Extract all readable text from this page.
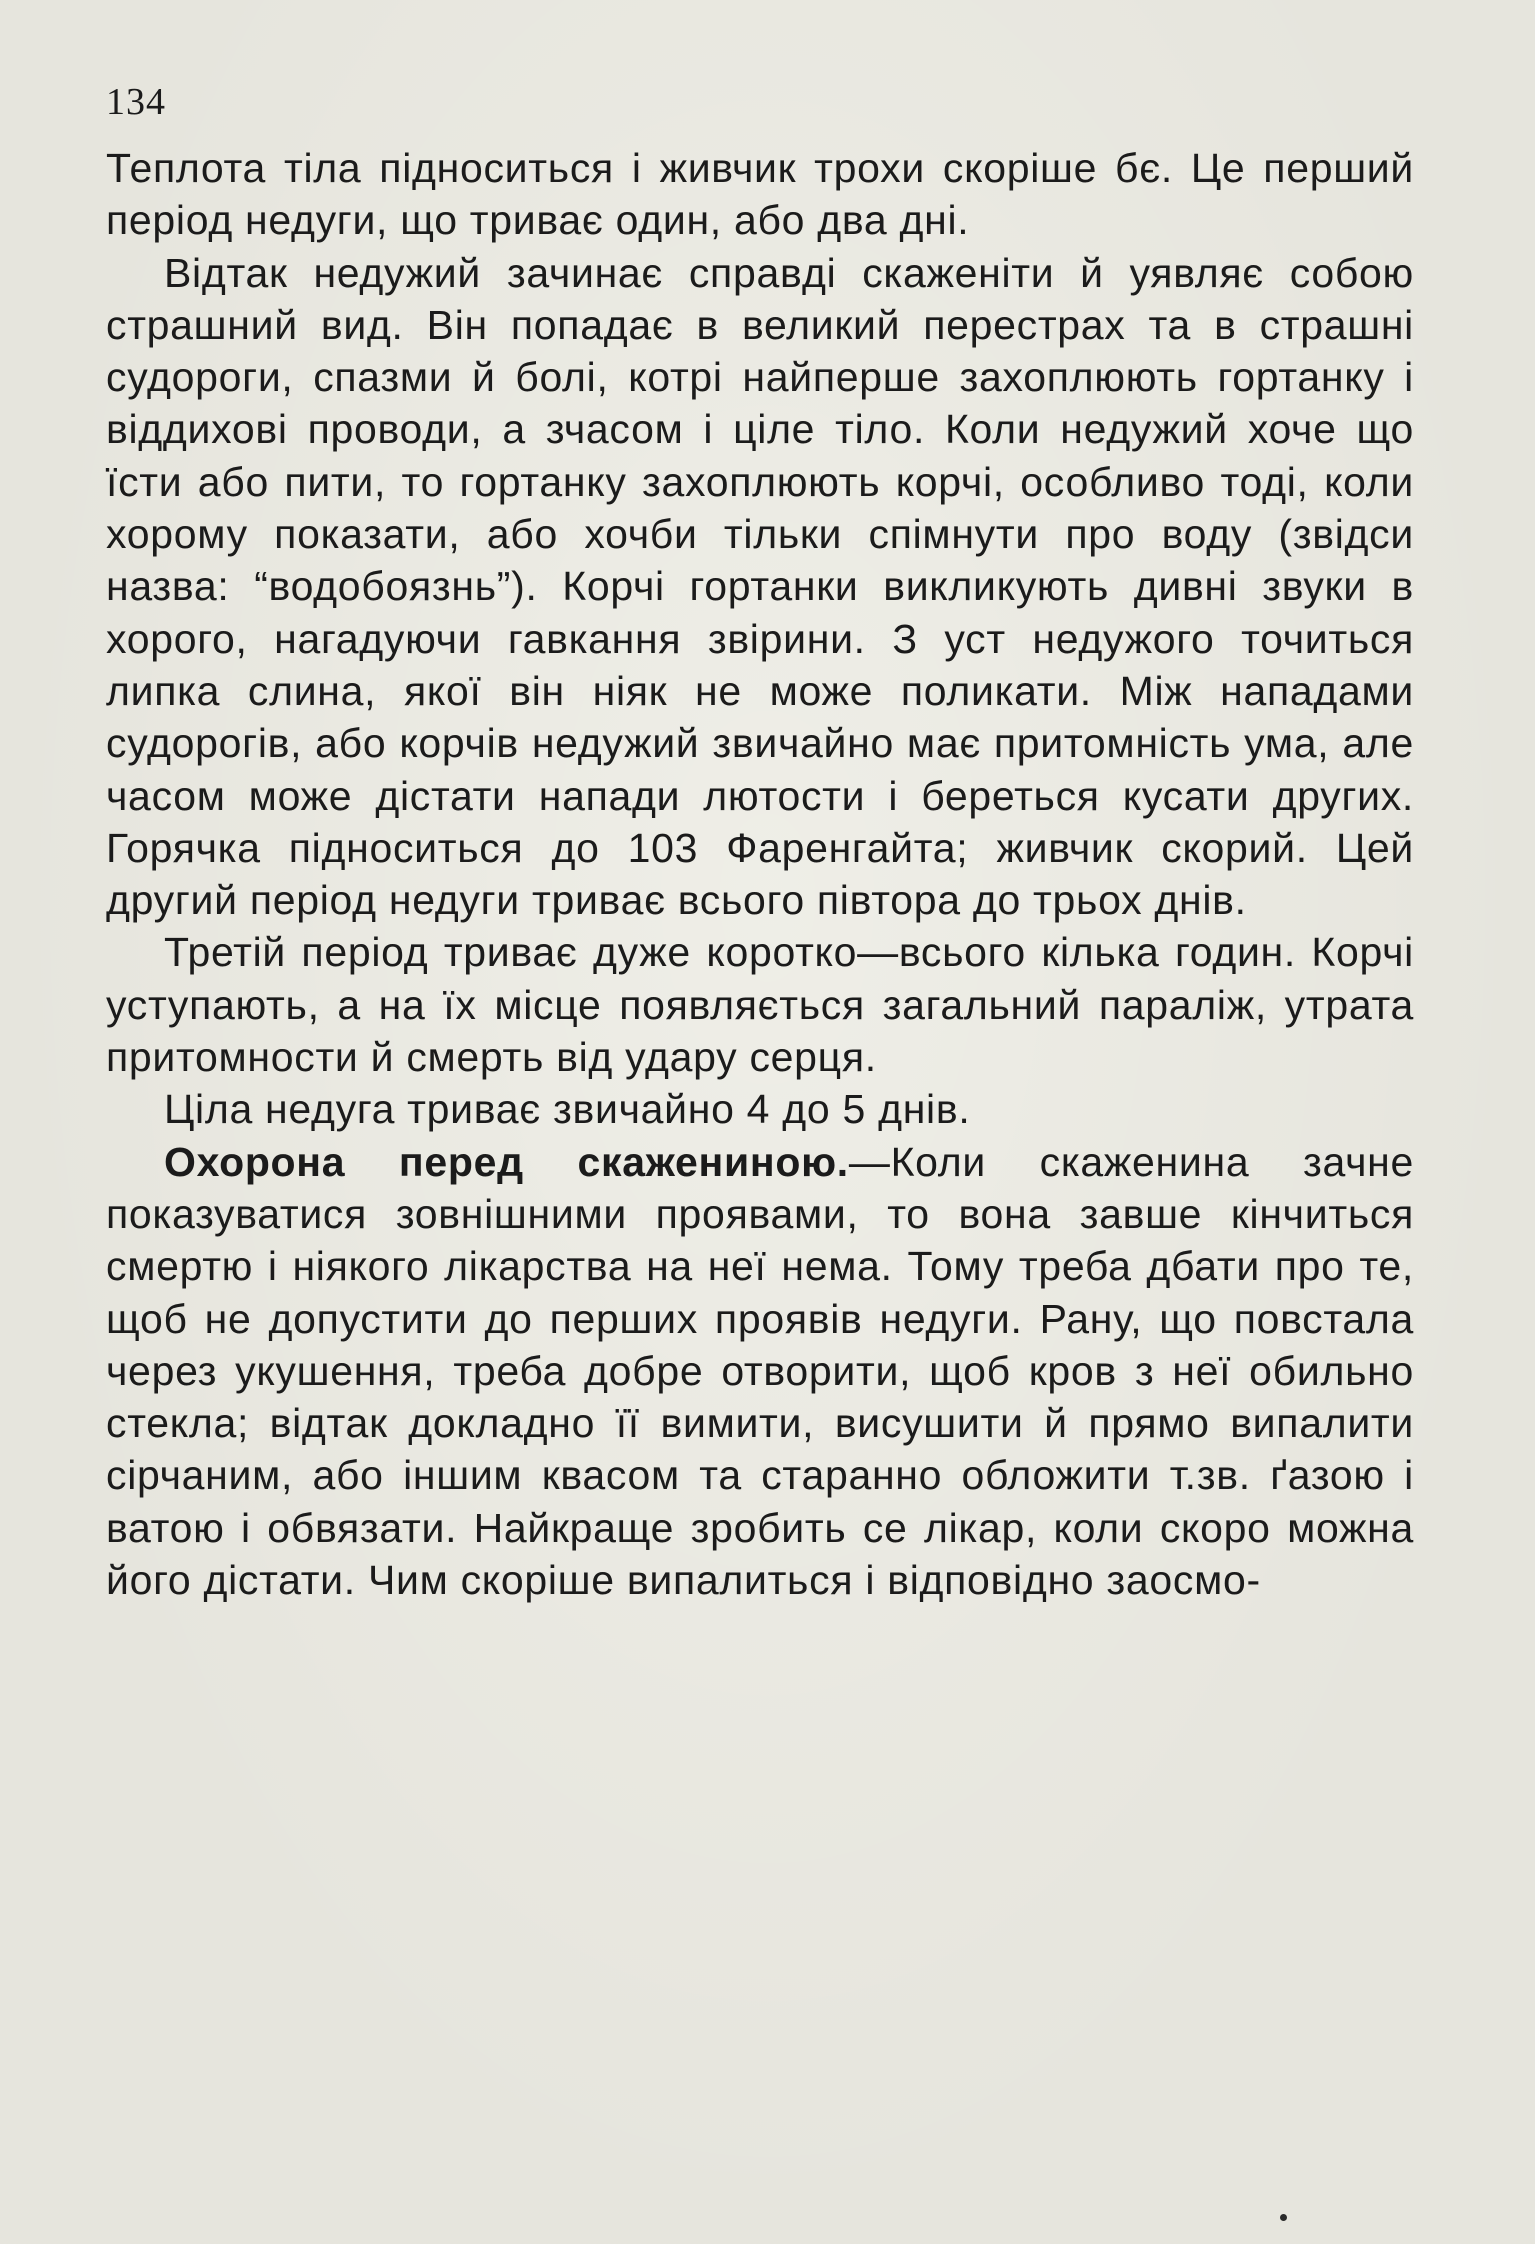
134

Теплота тіла підноситься і живчик трохи скоріше бє. Це перший період недуги, що триває один, або два дні.

Відтак недужий зачинає справді скаженіти й уявляє собою страшний вид. Він попадає в великий перестрах та в страшні судороги, спазми й болі, котрі найперше захоплюють гортанку і віддихові проводи, а зчасом і ціле тіло. Коли недужий хоче що їсти або пити, то гортанку захоплюють корчі, особливо тоді, коли хорому показати, або хочби тільки спімнути про воду (звідси назва: “водобоязнь”). Корчі гортанки викликують дивні звуки в хорого, нагадуючи гавкання звірини. З уст недужого точиться липка слина, якої він ніяк не може поликати. Між нападами судорогів, або корчів недужий звичайно має притомність ума, але часом може дістати напади лютости і береться кусати других. Горячка підноситься до 103 Фаренгайта; живчик скорий. Цей другий період недуги триває всього півтора до трьох днів.

Третій період триває дуже коротко—всього кілька годин. Корчі уступають, а на їх місце появляється загальний параліж, утрата притомности й смерть від удару серця.

Ціла недуга триває звичайно 4 до 5 днів.

Охорона перед скажениною.—Коли скаженина зачне показуватися зовнішними проявами, то вона завше кінчиться смертю і ніякого лікарства на неї нема. Тому треба дбати про те, щоб не допустити до перших проявів недуги. Рану, що повстала через укушення, треба добре отворити, щоб кров з неї обильно стекла; відтак докладно її вимити, висушити й прямо випалити сірчаним, або іншим квасом та старанно обложити т.зв. ґазою і ватою і обвязати. Найкраще зробить се лікар, коли скоро можна його дістати. Чим скоріше випалиться і відповідно заосмо-
